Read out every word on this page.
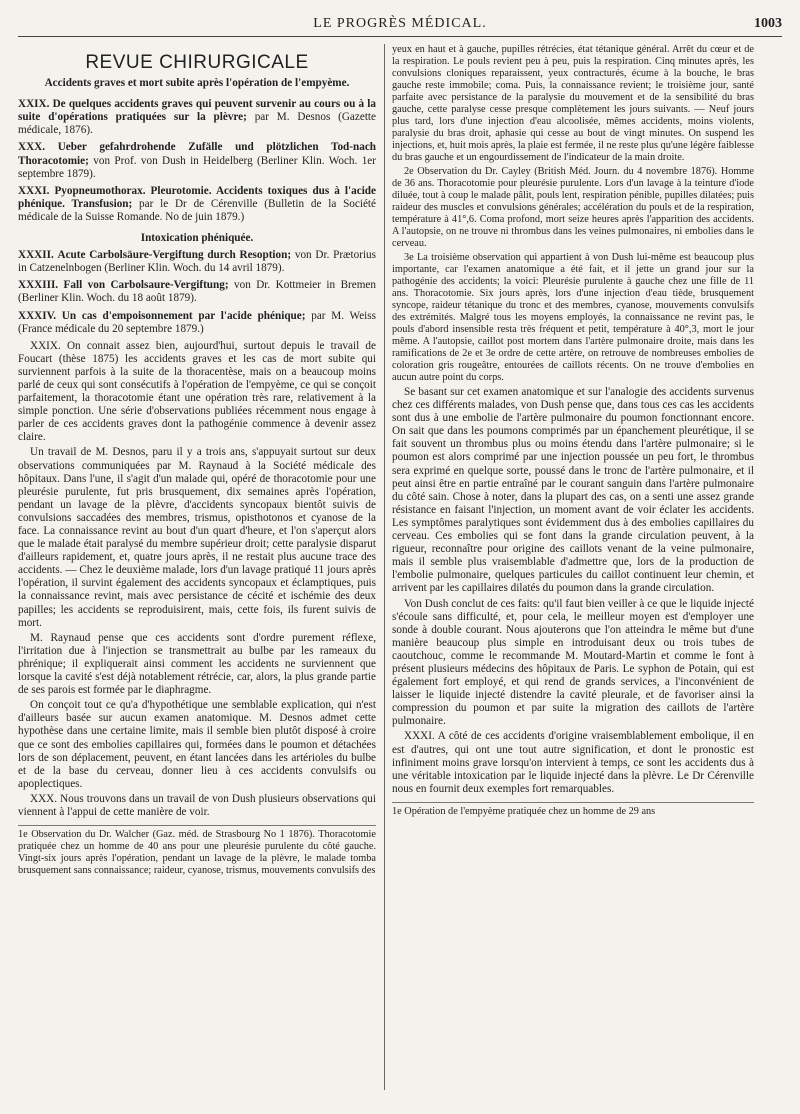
LE PROGRÈS MÉDICAL.	1003
REVUE CHIRURGICALE
Accidents graves et mort subite après l'opération de l'empyème.
XXIX. De quelques accidents graves qui peuvent survenir au cours ou à la suite d'opérations pratiquées sur la plèvre; par M. Desnos (Gazette médicale, 1876).
XXX. Ueber gefahrdrohende Zufälle und plötzlichen Tod-nach Thoracotomie; von Prof. von Dush in Heidelberg (Berliner Klin. Woch. 1er septembre 1879).
XXXI. Pyopneumothorax. Pleurotomie. Accidents toxiques dus à l'acide phénique. Transfusion; par le Dr de Cérenville (Bulletin de la Société médicale de la Suisse Romande. No de juin 1879.)
Intoxication phéniquée.
XXXII. Acute Carbolsäure-Vergiftung durch Resoption; von Dr. Prætorius in Catzenelnbogen (Berliner Klin. Woch. du 14 avril 1879).
XXXIII. Fall von Carbolsaure-Vergiftung; von Dr. Kottmeier in Bremen (Berliner Klin. Woch. du 18 août 1879).
XXXIV. Un cas d'empoisonnement par l'acide phénique; par M. Weiss (France médicale du 20 septembre 1879.)

XXIX. On connait assez bien, aujourd'hui, surtout depuis le travail de Foucart (thèse 1875) les accidents graves et les cas de mort subite qui surviennent parfois à la suite de la thoracentèse, mais on a beaucoup moins parlé de ceux qui sont consécutifs à l'opération de l'empyème, ce qui se conçoit parfaitement, la thoracotomie étant une opération très rare, relativement à la simple ponction. Une série d'observations publiées récemment nous engage à parler de ces accidents graves dont la pathogénie commence à devenir assez claire.

Un travail de M. Desnos, paru il y a trois ans, s'appuyait surtout sur deux observations communiquées par M. Raynaud à la Société médicale des hôpitaux. Dans l'une, il s'agit d'un malade qui, opéré de thoracotomie pour une pleurésie purulente, fut pris brusquement, dix semaines après l'opération, pendant un lavage de la plèvre, d'accidents syncopaux bientôt suivis de convulsions saccadées des membres, trismus, opisthotonos et cyanose de la face. La connaissance revint au bout d'un quart d'heure, et l'on s'aperçut alors que le malade était paralysé du membre supérieur droit; cette paralysie disparut d'ailleurs rapidement, et, quatre jours après, il ne restait plus aucune trace des accidents. — Chez le deuxième malade, lors d'un lavage pratiqué 11 jours après l'opération, il survint également des accidents syncopaux et éclamptiques, puis la connaissance revint, mais avec persistance de cécité et ischémie des deux papilles; les accidents se reproduisirent, mais, cette fois, ils furent suivis de mort.

M. Raynaud pense que ces accidents sont d'ordre purement réflexe, l'irritation due à l'injection se transmettrait au bulbe par les rameaux du phrénique; il expliquerait ainsi comment les accidents ne surviennent que lorsque la cavité s'est déjà notablement rétrécie, car, alors, la plus grande partie de ses parois est formée par le diaphragme.

On conçoit tout ce qu'a d'hypothétique une semblable explication, qui n'est d'ailleurs basée sur aucun examen anatomique. M. Desnos admet cette hypothèse dans une certaine limite, mais il semble bien plutôt disposé à croire que ce sont des embolies capillaires qui, formées dans le poumon et détachées lors de son déplacement, peuvent, en étant lancées dans les artérioles du bulbe et de la base du cerveau, donner lieu à ces accidents convulsifs ou apoplectiques.

XXX. Nous trouvons dans un travail de von Dush plusieurs observations qui viennent à l'appui de cette manière de voir.

1e Observation du Dr. Walcher (Gaz. méd. de Strasbourg No 1 1876). Thoracotomie pratiquée chez un homme de 40 ans pour une pleurésie purulente du côté gauche. Vingt-six jours après l'opération, pendant un lavage de la plèvre, le malade tomba brusquement sans connaissance; raideur, cyanose, trismus, mouvements convulsifs des

yeux en haut et à gauche, pupilles rétrécies, état tétanique général. Arrêt du cœur et de la respiration. Le pouls revient peu à peu, puis la respiration. Cinq minutes après, les convulsions cloniques reparaissent, yeux contracturés, écume à la bouche, le bras gauche reste immobile; coma. Puis, la connaissance revient; le troisième jour, santé parfaite avec persistance de la paralysie du mouvement et de la sensibilité du bras gauche, cette paralyse cesse presque complètement les jours suivants. — Neuf jours plus tard, lors d'une injection d'eau alcoolisée, mêmes accidents, moins violents, paralysie du bras droit, aphasie qui cesse au bout de vingt minutes. On suspend les injections, et, huit mois après, la plaie est fermée, il ne reste plus qu'une légère faiblesse du bras gauche et un engourdissement de l'indicateur de la main droite.

2e Observation du Dr. Cayley (British Méd. Journ. du 4 novembre 1876). Homme de 36 ans. Thoracotomie pour pleurésie purulente. Lors d'un lavage à la teinture d'iode diluée, tout à coup le malade pâlit, pouls lent, respiration pénible, pupilles dilatées; puis raideur des muscles et convulsions générales; accélération du pouls et de la respiration, température à 41°,6. Coma profond, mort seize heures après l'apparition des accidents. A l'autopsie, on ne trouve ni thrombus dans les veines pulmonaires, ni embolies dans le cerveau.

3e La troisième observation qui appartient à von Dush lui-même est beaucoup plus importante, car l'examen anatomique a été fait, et il jette un grand jour sur la pathogénie des accidents; la voici: Pleurésie purulente à gauche chez une fille de 11 ans. Thoracotomie. Six jours après, lors d'une injection d'eau tiède, brusquement syncope, raideur tétanique du tronc et des membres, cyanose, mouvements convulsifs des extrémités. Malgré tous les moyens employés, la connaissance ne revint pas, le pouls d'abord insensible resta très fréquent et petit, température à 40°,3, mort le jour même. A l'autopsie, caillot post mortem dans l'artère pulmonaire droite, mais dans les ramifications de 2e et 3e ordre de cette artère, on retrouve de nombreuses embolies de coloration gris rougeâtre, entourées de caillots récents. On ne trouve d'embolies en aucun autre point du corps.

Se basant sur cet examen anatomique et sur l'analogie des accidents survenus chez ces différents malades, von Dush pense que, dans tous ces cas les accidents sont dus à une embolie de l'artère pulmonaire du poumon fonctionnant encore. On sait que dans les poumons comprimés par un épanchement pleurétique, il se fait souvent un thrombus plus ou moins étendu dans l'artère pulmonaire; si le poumon est alors comprimé par une injection poussée un peu fort, le thrombus sera exprimé en quelque sorte, poussé dans le tronc de l'artère pulmonaire, et il peut ainsi être en partie entraîné par le courant sanguin dans l'artère pulmonaire du côté sain. Chose à noter, dans la plupart des cas, on a senti une assez grande résistance en faisant l'injection, un moment avant de voir éclater les accidents. Les symptômes paralytiques sont évidemment dus à des embolies capillaires du cerveau. Ces embolies qui se font dans la grande circulation peuvent, à la rigueur, reconnaître pour origine des caillots venant de la veine pulmonaire, mais il semble plus vraisemblable d'admettre que, lors de la production de l'embolie pulmonaire, quelques particules du caillot continuent leur chemin, et arrivent par les capillaires dilatés du poumon dans la grande circulation.

Von Dush conclut de ces faits: qu'il faut bien veiller à ce que le liquide injecté s'écoule sans difficulté, et, pour cela, le meilleur moyen est d'employer une sonde à double courant. Nous ajouterons que l'on atteindra le même but d'une manière beaucoup plus simple en introduisant deux ou trois tubes de caoutchouc, comme le recommande M. Moutard-Martin et comme le font à présent plusieurs médecins des hôpitaux de Paris. Le syphon de Potain, qui est également fort employé, et qui rend de grands services, a l'inconvénient de laisser le liquide injecté distendre la cavité pleurale, et de favoriser ainsi la compression du poumon et par suite la migration des caillots de l'artère pulmonaire.

XXXI. A côté de ces accidents d'origine vraisemblablement embolique, il en est d'autres, qui ont une tout autre signification, et dont le pronostic est infiniment moins grave lorsqu'on intervient à temps, ce sont les accidents dus à une véritable intoxication par le liquide injecté dans la plèvre. Le Dr Cérenville nous en fournit deux exemples fort remarquables.

1e Opération de l'empyème pratiquée chez un homme de 29 ans
